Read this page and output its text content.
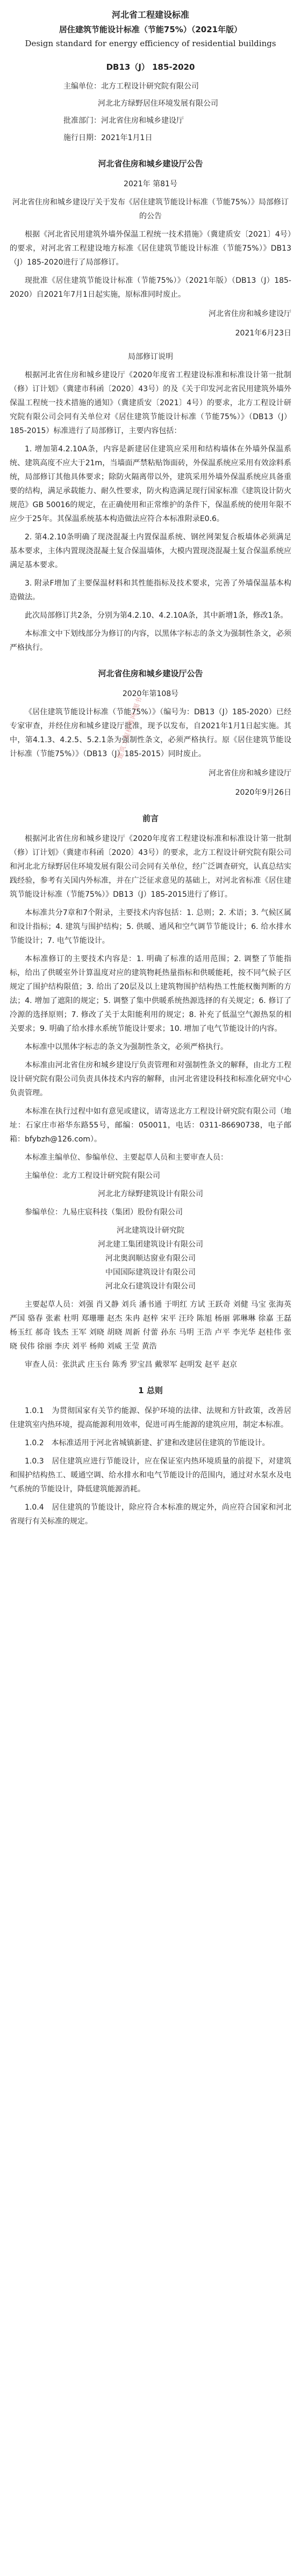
河北省工程建设标准
居住建筑节能设计标准（节能75%）（2021年版）
Design standard for energy efficiency of residential buildings
DB13（J） 185-2020
主编单位：北方工程设计研究院有限公司
河北北方绿野居住环境发展有限公司
批准部门：河北省住房和城乡建设厅
施行日期：2021年1月1日
河北省住房和城乡建设厅公告
2021年 第81号

河北省住房和城乡建设厅关于发布《居住建筑节能设计标准（节能75%）》局部修订的公告

根据《河北省民用建筑外墙外保温工程统一技术措施》（冀建质安〔2021〕4号）的要求，对河北省工程建设地方标准《居住建筑节能设计标准（节能75%）》DB13（J）185-2020进行了局部修订。

现批准《居住建筑节能设计标准（节能75%）》（2021年版）（DB13（J）185-2020）自2021年7月1日起实施，原标准同时废止。

河北省住房和城乡建设厅
2021年6月23日
局部修订说明

根据河北省住房和城乡建设厅《2020年度省工程建设标准和标准设计第一批制（修）订计划》（冀建市科函〔2020〕43号）的及《关于印发河北省民用建筑外墙外保温工程统一技术措施的通知》（冀建质安〔2021〕4号）的要求，北方工程设计研究院有限公司会同有关单位对《居住建筑节能设计标准（节能75%）》（DB13（J）185-2015）标准进行了局部修订，主要内容包括：

1. 增加第4.2.10A条，内容是新建居住建筑应采用和结构墙体在外墙外保温系统、建筑高度不应大于21m，当墙面严禁粘贴饰面砖，外保温系统应采用有效涂料系统，局部修订其他具体要求；除防火隔离带以外，建筑采用外墙外保温系统应具备重要的结构，满足承载能力、耐久性要求，防火构造满足现行国家标准《建筑设计防火规范》GB 50016的规定，在正确使用和正常维护的条件下，保温系统的使用年限不应少于25年。其保温系统基本构造做法应符合本标准附录E0.6。

2. 第4.2.10条明确了现浇混凝土内置保温系统、钢丝网架复合板墙体必须满足基本要求，主体内置现浇混凝土复合保温墙体，大模内置现浇混凝土复合保温系统应满足基本要求。

3. 附录F增加了主要保温材料和其性能指标及技术要求，完善了外墙保温基本构造做法。

此次局部修订共2条，分别为第4.2.10、4.2.10A条，其中新增1条，修改1条。

本标准文中下划线部分为修订的内容，以黑体字标志的条文为强制性条文，必须严格执行。

河北省住房和城乡建设厅公告
2020年第108号

《居住建筑节能设计标准（节能75%）》（编号为：DB13（J）185-2020）已经专家审查，并经住房和城乡建设厅批准，现予以发布，自2021年1月1日起实施。其中，第4.1.3、4.2.5、5.2.1条为强制性条文，必须严格执行。原《居住建筑节能设计标准（节能75%）》（DB13（J）185-2015）同时废止。

河北省住房和城乡建设厅
2020年9月26日
前言

根据河北省住房和城乡建设厅《2020年度省工程建设标准和标准设计第一批制（修）订计划》（冀建市科函〔2020〕43号）的要求，北方工程设计研究院有限公司和河北北方绿野居住环境发展有限公司会同有关单位，经广泛调查研究，认真总结实践经验，参考有关国内外标准，并在广泛征求意见的基础上，对河北省标准《居住建筑节能设计标准（节能75%）》DB13（J）185-2015进行了修订。

本标准共分7章和7个附录，主要技术内容包括：1. 总则；2. 术语；3. 气候区属和设计指标；4. 建筑与围护结构；5. 供暖、通风和空气调节节能设计；6. 给水排水节能设计；7. 电气节能设计。

本标准修订的主要技术内容是：1. 明确了标准的适用范围；2. 调整了节能指标，给出了供暖室外计算温度对应的建筑物耗热量指标和供暖能耗，按不同气候子区规定了围护结构限值；3. 给出了20层及以上建筑物围护结构热工性能权衡判断的方法；4. 增加了遮阳的规定；5. 调整了集中供暖系统热源选择的有关规定；6. 修订了冷源的选择原则；7. 修改了关于太阳能利用的规定；8. 补充了低温空气源热泵的相关要求；9. 明确了给水排水系统节能设计要求；10. 增加了电气节能设计的内容。

本标准中以黑体字标志的条文为强制性条文，必须严格执行。

本标准由河北省住房和城乡建设厅负责管理和对强制性条文的解释，由北方工程设计研究院有限公司负责具体技术内容的解释，由河北省建设科技和标准化研究中心负责管理。

本标准在执行过程中如有意见或建议，请寄送北方工程设计研究院有限公司（地址：石家庄市裕华东路55号，邮编：050011，电话：0311-86690738，电子邮箱：bfybzh@126.com）。

本标准主编单位、参编单位、主要起草人员和主要审查人员：

主编单位：北方工程设计研究院有限公司

河北北方绿野建筑设计有限公司

参编单位：九易庄宸科技（集团）股份有限公司

河北建筑设计研究院
河北建工集团建筑设计有限公司
河北奥润顺达窗业有限公司
中国国际建筑设计有限公司
河北众石建筑设计有限公司

主要起草人员：刘强 肖又静 刘兵 潘书通 于明红 方试 王跃奇 刘健 马宝 张海英 严国 骆春 张素 杜明 郑珊珊 赵杰 朱冉 赵梓 宋平 汪玲 陈旭 杨丽 郭琳琳 徐嘉 王磊 杨玉红 郝奇 钱杰 王军 刘晓 胡晓 周新 付蕾 孙东 马明 王浩 卢平 李光华 赵桂伟 张晓 侯伟 徐丽 李庆 刘平 杨帅 刘威 王莹 黄浩

审查人员：张洪武 庄玉台 陈秀 罗宝昌 戴翠军 赵明发 赵平 赵京

1 总则

1.0.1　为贯彻国家有关节约能源、保护环境的法律、法规和方针政策，改善居住建筑室内热环境，提高能源利用效率，促进可再生能源的建筑应用，制定本标准。

1.0.2　本标准适用于河北省城镇新建、扩建和改建居住建筑的节能设计。

1.0.3　居住建筑应进行节能设计，应在保证室内热环境质量的前提下，对建筑和围护结构热工、暖通空调、给水排水和电气节能设计的范围内，通过对水泵水及电气系统的节能设计，降低建筑能源消耗。

1.0.4　居住建筑的节能设计，除应符合本标准的规定外，尚应符合国家和河北省现行有关标准的规定。

建筑工程标准网 图书
